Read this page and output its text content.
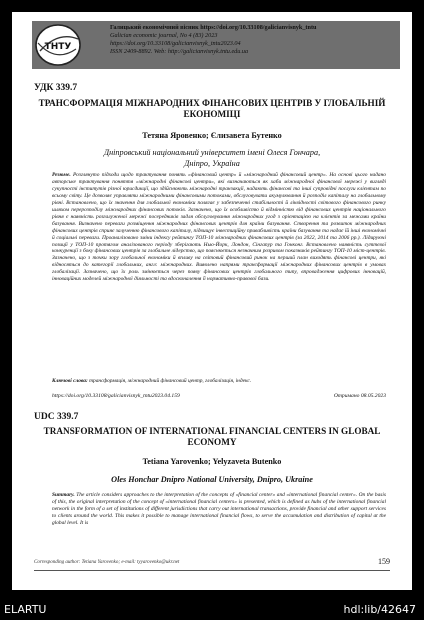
ТНТУ
Галицький економічний вісник https://doi.org/10.33108/galicianvisnyk_tntu
Galician economic journal, No 4 (83) 2023
https://doi.org/10.33108/galicianvisnyk_tntu2023.04
ISSN 2409-8892. Web: http://galicianvisnyk.tntu.edu.ua
УДК 339.7
ТРАНСФОРМАЦІЯ МІЖНАРОДНИХ ФІНАНСОВИХ ЦЕНТРІВ У ГЛОБАЛЬНІЙ ЕКОНОМІЦІ
Тетяна Яровенко; Єлизавета Бутенко
Дніпровський національний університет імені Олеся Гончара,
Дніпро, Україна
Резюме. Розглянуто підходи щодо трактування понять «фінансовий центр» й «міжнародний фінансовий центр». На основі цього надано авторське трактування поняття «міжнародні фінансові центри», які визначаються як хаби міжнародної фінансової мережі у вигляді сукупності інститутів різної юрисдикції, що здійснюють міжнародні транзакції, надають фінансові та інші супровідні послуги клієнтам по всьому світу. Це дозволяє управляти міжнародними фінансовими потоками, обслуговувати акумулювання й розподіл капіталу на глобальному рівні. Встановлено, що їх значення для глобальної економіки полягає у забезпеченні стабільності й ліквідності світового фінансового ринку шляхом перерозподілу міжнародних фінансових потоків. Зазначено, що їх особливістю й відмінністю від фінансових центрів національного рівня є наявність розгалуженої мережі посередників задля обслуговування міжнародних угод з орієнтацією на клієнтів за межами країни базування. Визначено переваги розміщення міжнародних фінансових центрів для країни базування. Створення та розвиток міжнародних фінансових центрів сприяє залученню фінансового капіталу, підвищує інвестиційну привабливість країни базування та надає їй інші економічні й соціальні переваги. Проаналізовано зміни індексу рейтингу ТОП-10 міжнародних фінансових центрів (за 2022, 2014 та 2006 рр.). Лідируючі позиції у ТОП-10 протягом аналізованого періоду зберігають Нью-Йорк, Лондон, Сінгапур та Гонконг. Встановлено наявність суттєвої конкуренції з боку фінансових центрів за глобальне лідерство, що пояснюється незначним розривом показників рейтингу ТОП-10 міст-центрів. Зазначено, що з точки зору глобальної економіки й впливу на світовий фінансовий ринок на перший план виходять фінансові центри, які відносяться до категорії глобальних, англ: міжнародних. Виявлено напрями трансформації міжнародних фінансових центрів в умовах глобалізації. Зазначено, що їх роль змінюється через появу фінансових центрів глобального типу, впровадження цифрових інновацій, інноваційних моделей міжнародної діяльності та вдосконалення її нормативно-правової бази.
Ключові слова: трансформація, міжнародний фінансовий центр, глобалізація, індекс.
https://doi.org/10.33108/galicianvisnyk_tntu2023.04.159	Отримано 08.05.2023
UDC 339.7
TRANSFORMATION OF INTERNATIONAL FINANCIAL CENTERS IN GLOBAL ECONOMY
Tetiana Yarovenko; Yelyzaveta Butenko
Oles Honchar Dnipro National University, Dnipro, Ukraine
Summary. The article considers approaches to the interpretation of the concepts of «financial center» and «international financial center». On the basis of this, the original interpretation of the concept of «international financial centers» is presented, which is defined as hubs of the international financial network in the form of a set of institutions of different jurisdictions that carry out international transactions, provide financial and other support services to clients around the world. This makes it possible to manage international financial flows, to serve the accumulation and distribution of capital at the global level. It is
Corresponding author: Tetiana Yarovenko; e-mail: tyyarovenko@ukr.net	159
ELARTU	hdl:lib/42647
